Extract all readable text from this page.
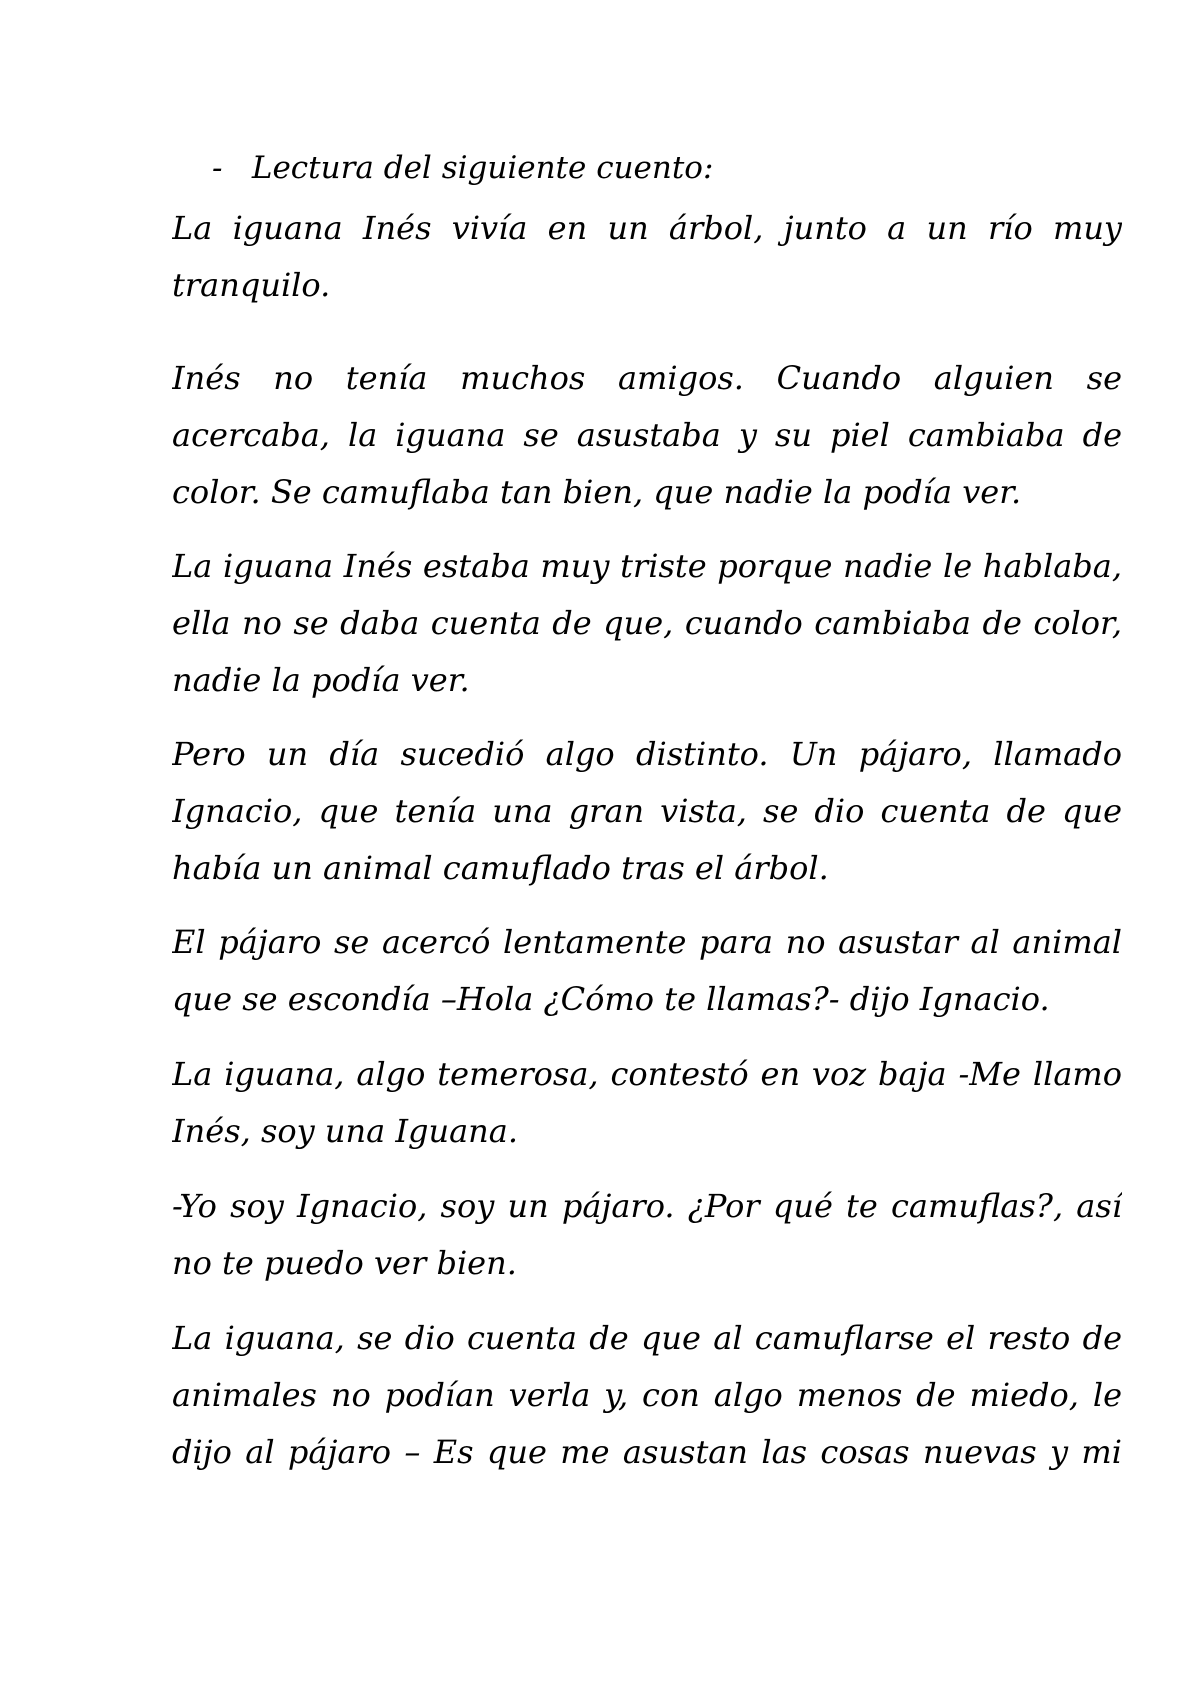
- Lectura del siguiente cuento:
La iguana Inés vivía en un árbol, junto a un río muy
tranquilo.
Inés no tenía muchos amigos. Cuando alguien se
acercaba, la iguana se asustaba y su piel cambiaba de
color. Se camuflaba tan bien, que nadie la podía ver.
La iguana Inés estaba muy triste porque nadie le hablaba,
ella no se daba cuenta de que, cuando cambiaba de color,
nadie la podía ver.
Pero un día sucedió algo distinto. Un pájaro, llamado
Ignacio, que tenía una gran vista, se dio cuenta de que
había un animal camuflado tras el árbol.
El pájaro se acercó lentamente para no asustar al animal
que se escondía –Hola ¿Cómo te llamas?- dijo Ignacio.
La iguana, algo temerosa, contestó en voz baja -Me llamo
Inés, soy una Iguana.
-Yo soy Ignacio, soy un pájaro. ¿Por qué te camuflas?, así
no te puedo ver bien.
La iguana, se dio cuenta de que al camuflarse el resto de
animales no podían verla y, con algo menos de miedo, le
dijo al pájaro – Es que me asustan las cosas nuevas y mi
